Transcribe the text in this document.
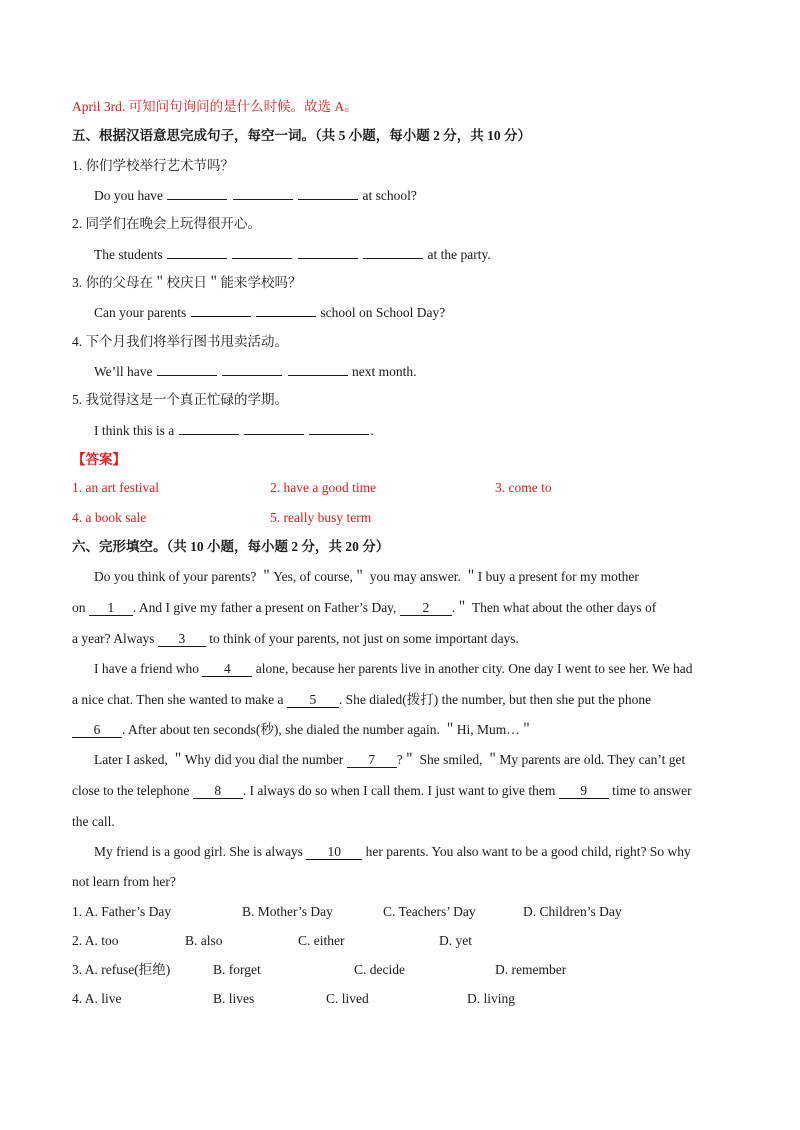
April 3rd. 可知问句询问的是什么时候。故选 A。
五、根据汉语意思完成句子，每空一词。（共 5 小题，每小题 2 分，共 10 分）
1. 你们学校举行艺术节吗？
Do you have	at school?
2. 同学们在晚会上玩得很开心。
The students	at the party.
3. 你的父母在＂校庆日＂能来学校吗？
Can your parents	school on School Day?
4. 下个月我们将举行图书甩卖活动。
We’ll have	next month.
5. 我觉得这是一个真正忙碌的学期。
I think this is a	.
【答案】
1. an art festival	2. have a good time	3. come to
4. a book sale	5. really busy term
六、完形填空。（共 10 小题，每小题 2 分，共 20 分）
Do you think of your parents? ＂Yes, of course,＂ you may answer. ＂I buy a present for my mother
on 1 . And I give my father a present on Father’s Day, 2 .＂ Then what about the other days of
a year? Always 3 to think of your parents, not just on some important days.
I have a friend who 4 alone, because her parents live in another city. One day I went to see her. We had
a nice chat. Then she wanted to make a 5 . She dialed(拨打) the number, but then she put the phone
6 . After about ten seconds(秒), she dialed the number again. ＂Hi, Mum…＂
Later I asked, ＂Why did you dial the number 7 ?＂ She smiled, ＂My parents are old. They can’t get
close to the telephone 8 . I always do so when I call them. I just want to give them 9 time to answer
the call.
My friend is a good girl. She is always 10 her parents. You also want to be a good child, right? So why
not learn from her?
1. A. Father’s Day	B. Mother’s Day	C. Teachers’ Day	D. Children’s Day
2. A. too	B. also	C. either	D. yet
3. A. refuse(拒绝)	B. forget	C. decide	D. remember
4. A. live	B. lives	C. lived	D. living
